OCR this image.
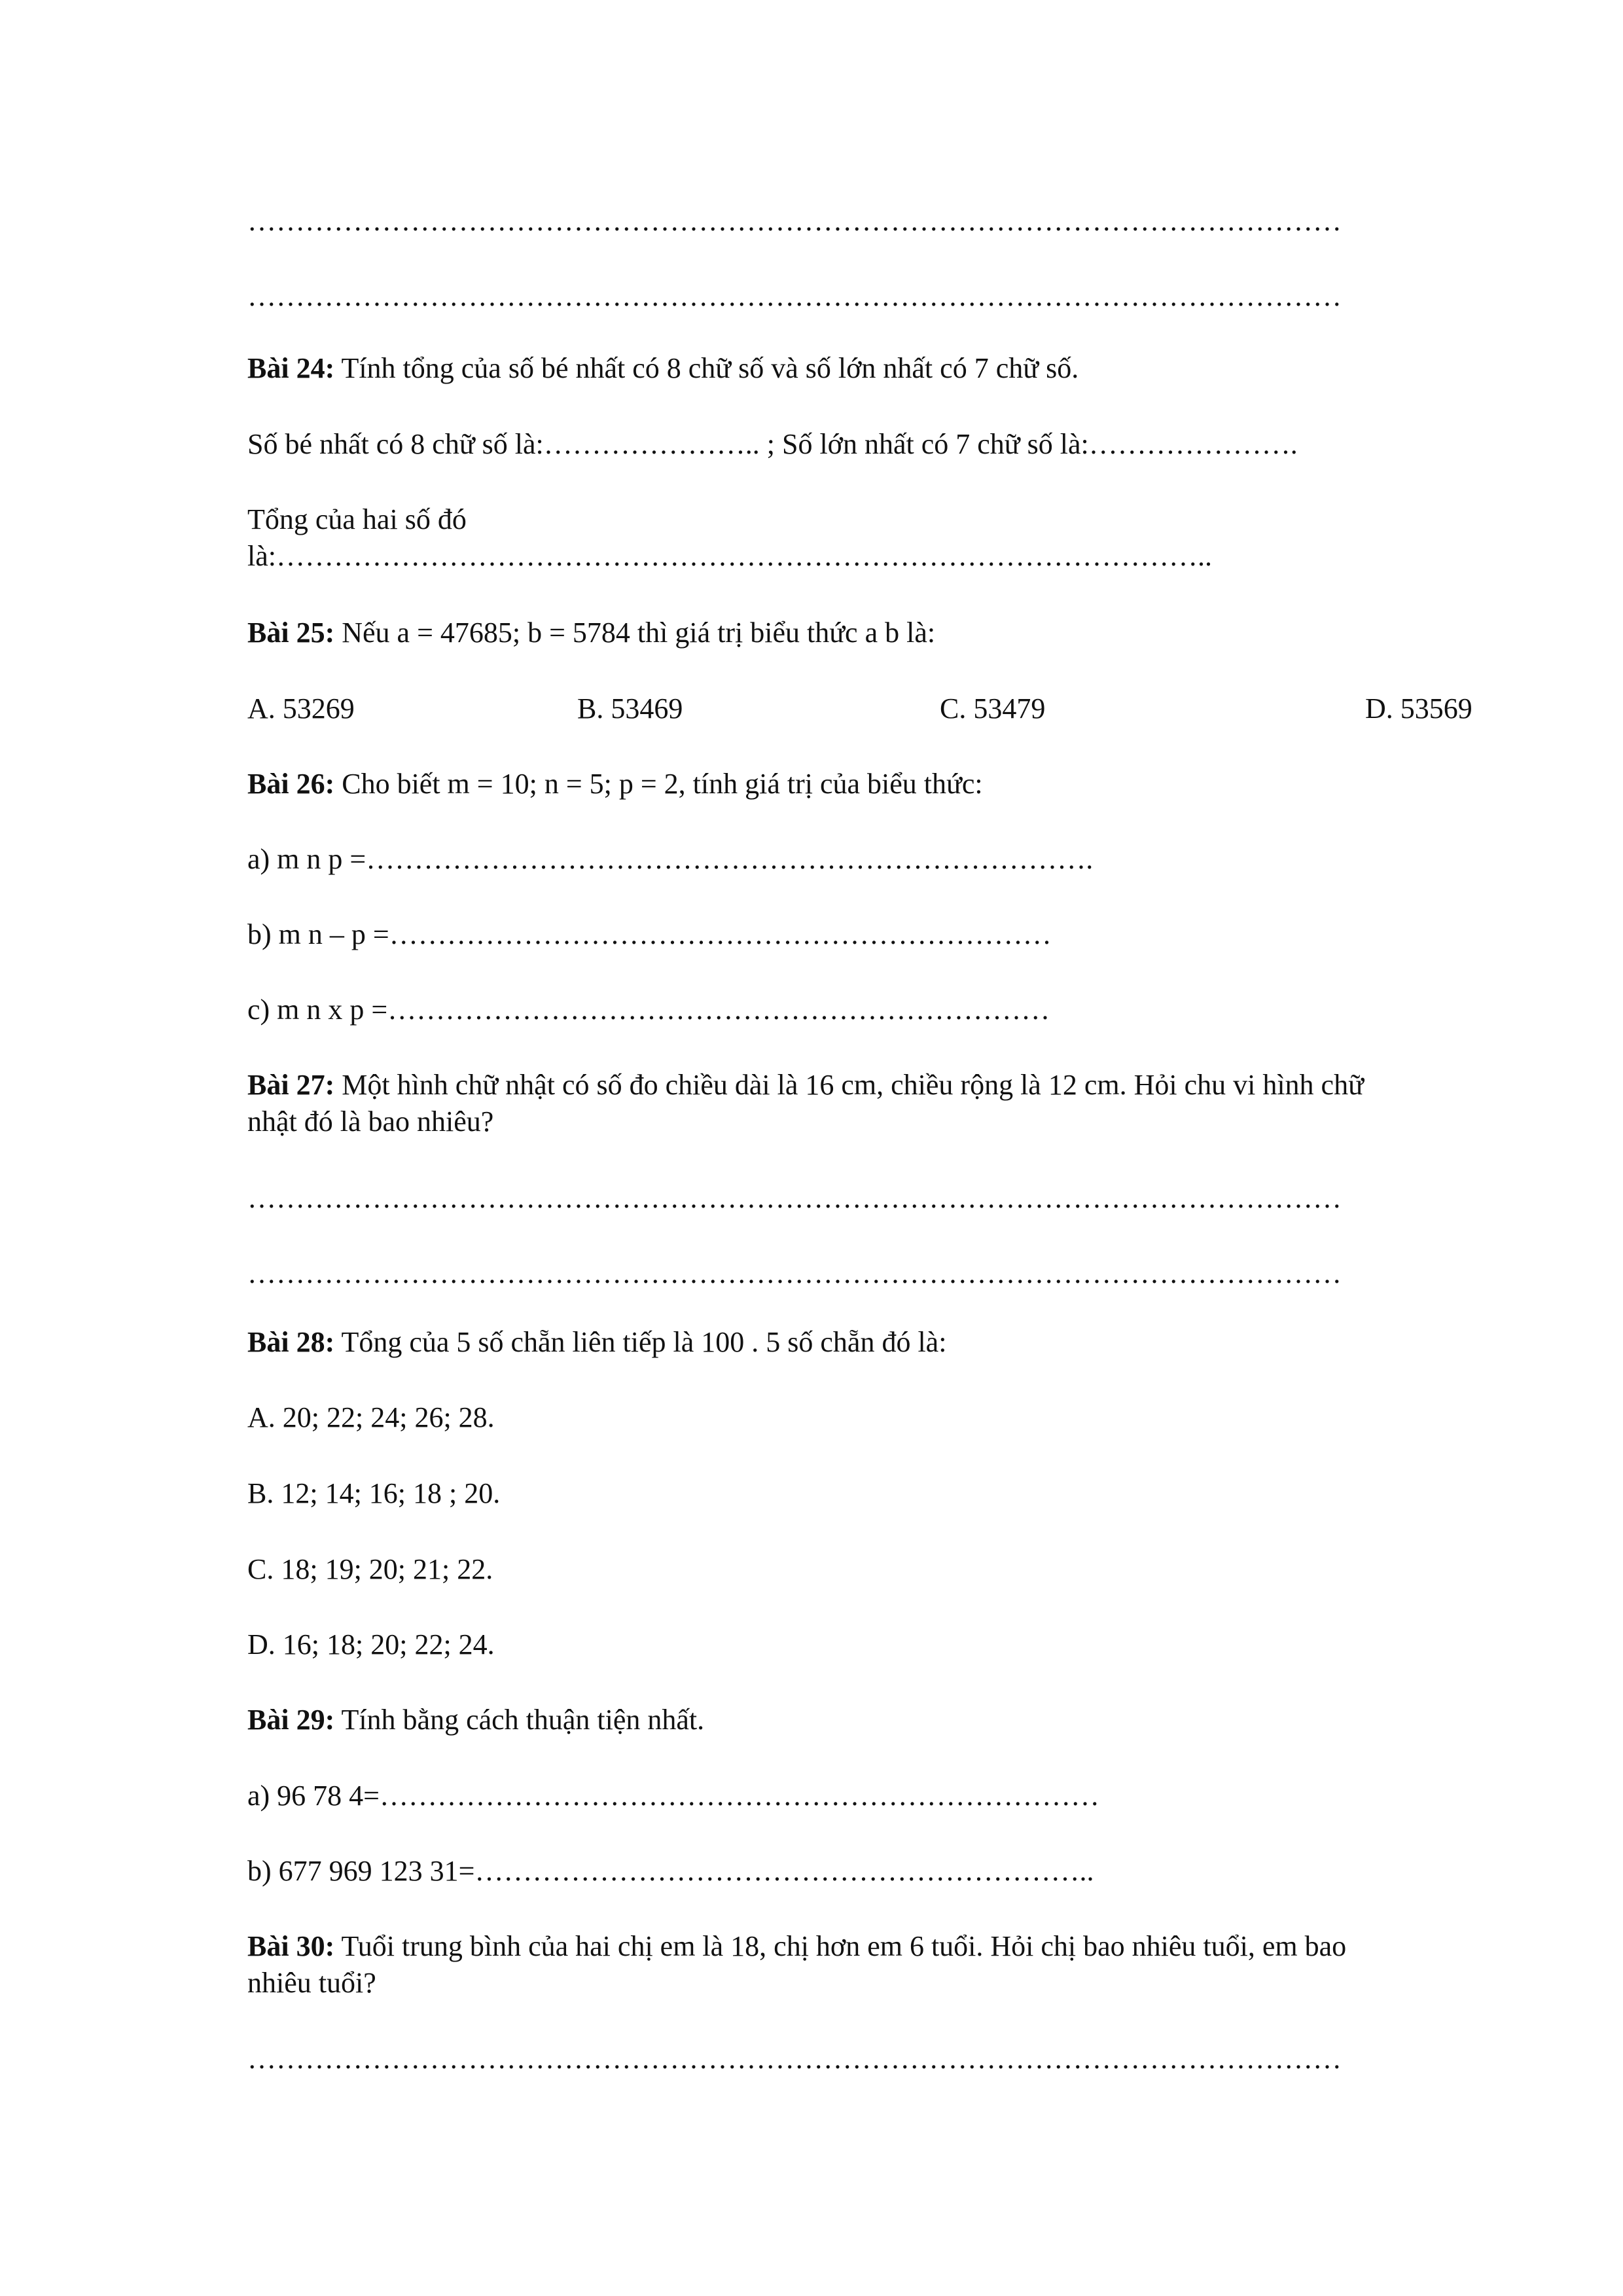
……………………………………………………………………………………………………
……………………………………………………………………………………………………
Bài 24: Tính tổng của số bé nhất có 8 chữ số và số lớn nhất có 7 chữ số.
Số bé nhất có 8 chữ số là:………………….. ; Số lớn nhất có 7 chữ số là:………………….
Tổng của hai số đó
là:……………………………………………………………………………………..
Bài 25: Nếu a = 47685; b = 5784 thì giá trị biểu thức a b là:
A. 53269	B. 53469	C. 53479	D. 53569
Bài 26: Cho biết m = 10; n = 5; p = 2, tính giá trị của biểu thức:
a) m n p =………………………………………………………………….
b) m n – p =……………………………………………………………
c) m n x p =……………………………………………………………
Bài 27: Một hình chữ nhật có số đo chiều dài là 16 cm, chiều rộng là 12 cm. Hỏi chu vi hình chữ
nhật đó là bao nhiêu?
……………………………………………………………………………………………………
……………………………………………………………………………………………………
Bài 28: Tổng của 5 số chẵn liên tiếp là 100 . 5 số chẵn đó là:
A. 20; 22; 24; 26; 28.
B. 12; 14; 16; 18 ; 20.
C. 18; 19; 20; 21; 22.
D. 16; 18; 20; 22; 24.
Bài 29: Tính bằng cách thuận tiện nhất.
a) 96 78 4=…………………………………………………………………
b) 677 969 123 31=………………………………………………………..
Bài 30: Tuổi trung bình của hai chị em là 18, chị hơn em 6 tuổi. Hỏi chị bao nhiêu tuổi, em bao
nhiêu tuổi?
……………………………………………………………………………………………………
